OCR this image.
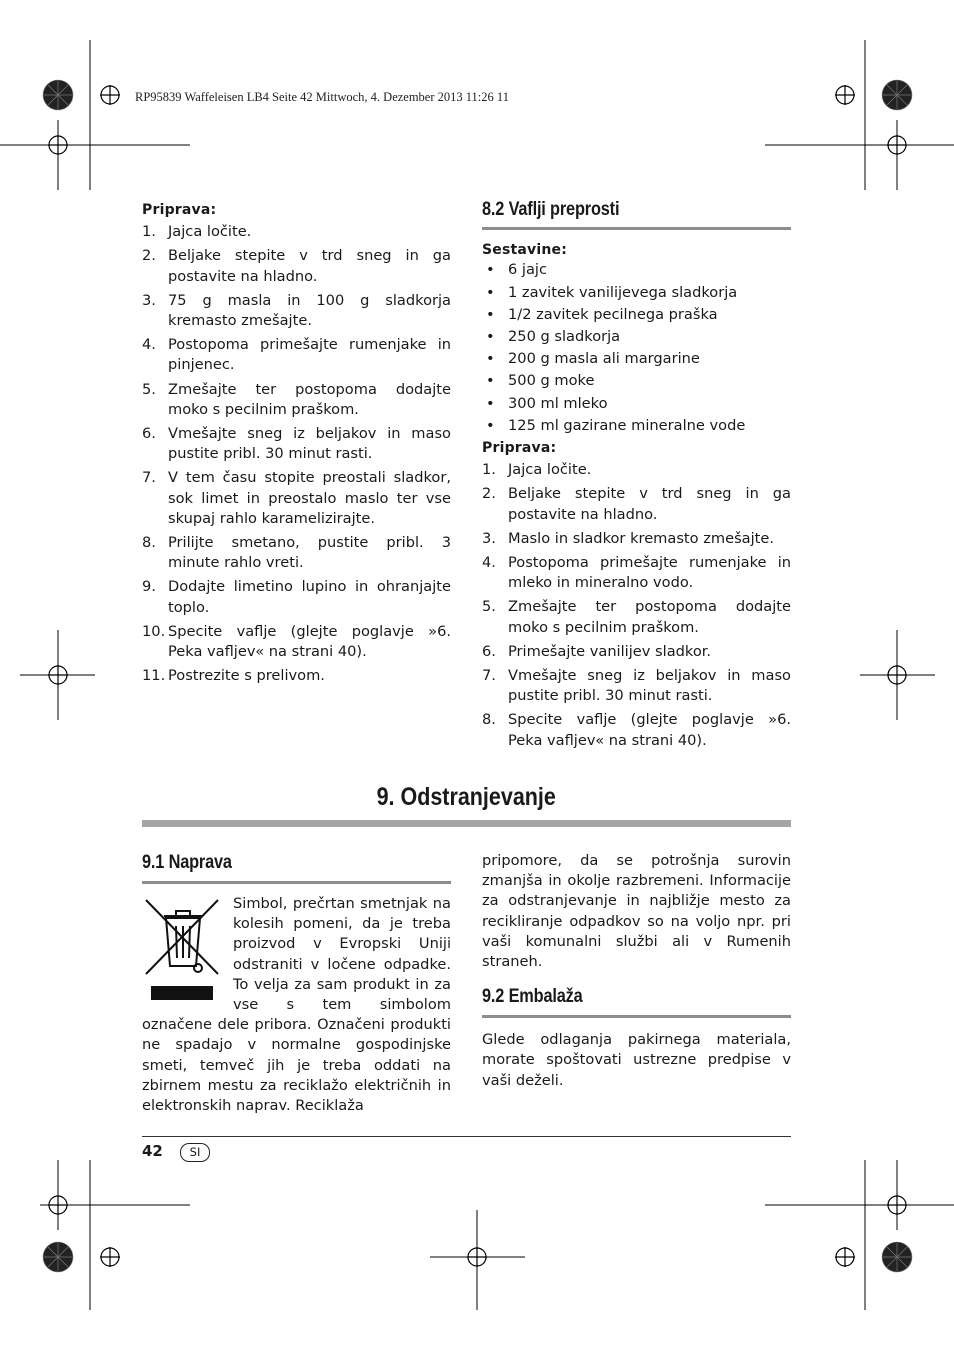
RP95839 Waffeleisen LB4 Seite 42 Mittwoch, 4. Dezember 2013 11:26 11
Priprava:
1. Jajca ločite.
2. Beljake stepite v trd sneg in ga postavite na hladno.
3. 75 g masla in 100 g sladkorja kremasto zmešajte.
4. Postopoma primešajte rumenjake in pinjenec.
5. Zmešajte ter postopoma dodajte moko s pecilnim praškom.
6. Vmešajte sneg iz beljakov in maso pustite pribl. 30 minut rasti.
7. V tem času stopite preostali sladkor, sok limet in preostalo maslo ter vse skupaj rahlo karamelizirajte.
8. Prilijte smetano, pustite pribl. 3 minute rahlo vreti.
9. Dodajte limetino lupino in ohranjajte toplo.
10. Specite vaflje (glejte poglavje »6. Peka vafljev« na strani 40).
11. Postrezite s prelivom.
8.2 Vaflji preprosti
Sestavine:
• 6 jajc
• 1 zavitek vanilijevega sladkorja
• 1/2 zavitek pecilnega praška
• 250 g sladkorja
• 200 g masla ali margarine
• 500 g moke
• 300 ml mleko
• 125 ml gazirane mineralne vode
Priprava:
1. Jajca ločite.
2. Beljake stepite v trd sneg in ga postavite na hladno.
3. Maslo in sladkor kremasto zmešajte.
4. Postopoma primešajte rumenjake in mleko in mineralno vodo.
5. Zmešajte ter postopoma dodajte moko s pecilnim praškom.
6. Primešajte vanilijev sladkor.
7. Vmešajte sneg iz beljakov in maso pustite pribl. 30 minut rasti.
8. Specite vaflje (glejte poglavje »6. Peka vafljev« na strani 40).
9. Odstranjevanje
9.1 Naprava
Simbol, prečrtan smetnjak na kolesih pomeni, da je treba proizvod v Evropski Uniji odstraniti v ločene odpadke. To velja za sam produkt in za vse s tem simbolom označene dele pribora. Označeni produkti ne spadajo v normalne gospodinjske smeti, temveč jih je treba oddati na zbirnem mestu za reciklažo električnih in elektronskih naprav. Reciklaža
pripomore, da se potrošnja surovin zmanjša in okolje razbremeni. Informacije za odstranjevanje in najbližje mesto za recikliranje odpadkov so na voljo npr. pri vaši komunalni službi ali v Rumenih straneh.
9.2 Embalaža
Glede odlaganja pakirnega materiala, morate spoštovati ustrezne predpise v vaši deželi.
42	SI
